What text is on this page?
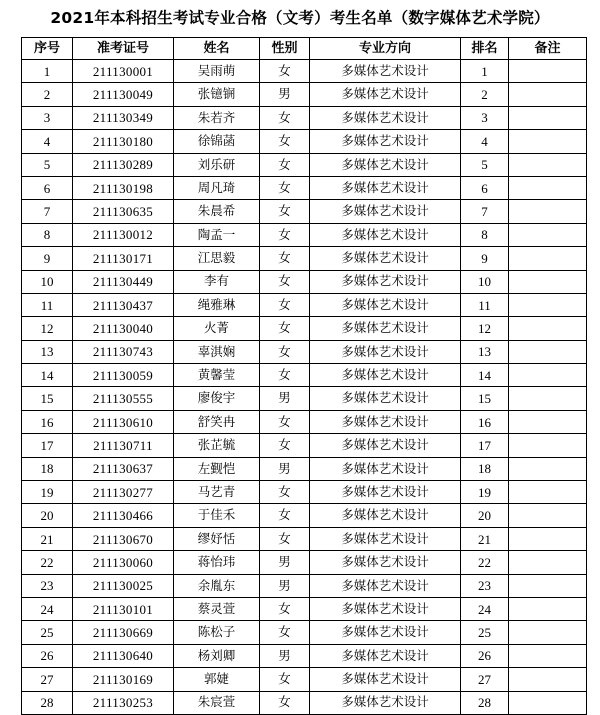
2021年本科招生考试专业合格（文考）考生名单（数字媒体艺术学院）
序号	准考证号	姓名	性别	专业方向	排名	备注
1	211130001	吴雨萌	女	多媒体艺术设计	1	
2	211130049	张镱锎	男	多媒体艺术设计	2	
3	211130349	朱若齐	女	多媒体艺术设计	3	
4	211130180	徐锦菡	女	多媒体艺术设计	4	
5	211130289	刘乐研	女	多媒体艺术设计	5	
6	211130198	周凡琦	女	多媒体艺术设计	6	
7	211130635	朱晨希	女	多媒体艺术设计	7	
8	211130012	陶孟一	女	多媒体艺术设计	8	
9	211130171	江思毅	女	多媒体艺术设计	9	
10	211130449	李有	女	多媒体艺术设计	10	
11	211130437	绳雅琳	女	多媒体艺术设计	11	
12	211130040	火菁	女	多媒体艺术设计	12	
13	211130743	辜淇娴	女	多媒体艺术设计	13	
14	211130059	黄馨莹	女	多媒体艺术设计	14	
15	211130555	廖俊宇	男	多媒体艺术设计	15	
16	211130610	舒笑冉	女	多媒体艺术设计	16	
17	211130711	张芷毓	女	多媒体艺术设计	17	
18	211130637	左觐恺	男	多媒体艺术设计	18	
19	211130277	马艺青	女	多媒体艺术设计	19	
20	211130466	于佳禾	女	多媒体艺术设计	20	
21	211130670	缪妤恬	女	多媒体艺术设计	21	
22	211130060	蒋怡玮	男	多媒体艺术设计	22	
23	211130025	余胤东	男	多媒体艺术设计	23	
24	211130101	蔡灵萱	女	多媒体艺术设计	24	
25	211130669	陈松子	女	多媒体艺术设计	25	
26	211130640	杨刘卿	男	多媒体艺术设计	26	
27	211130169	郭婕	女	多媒体艺术设计	27	
28	211130253	朱宸萱	女	多媒体艺术设计	28	
